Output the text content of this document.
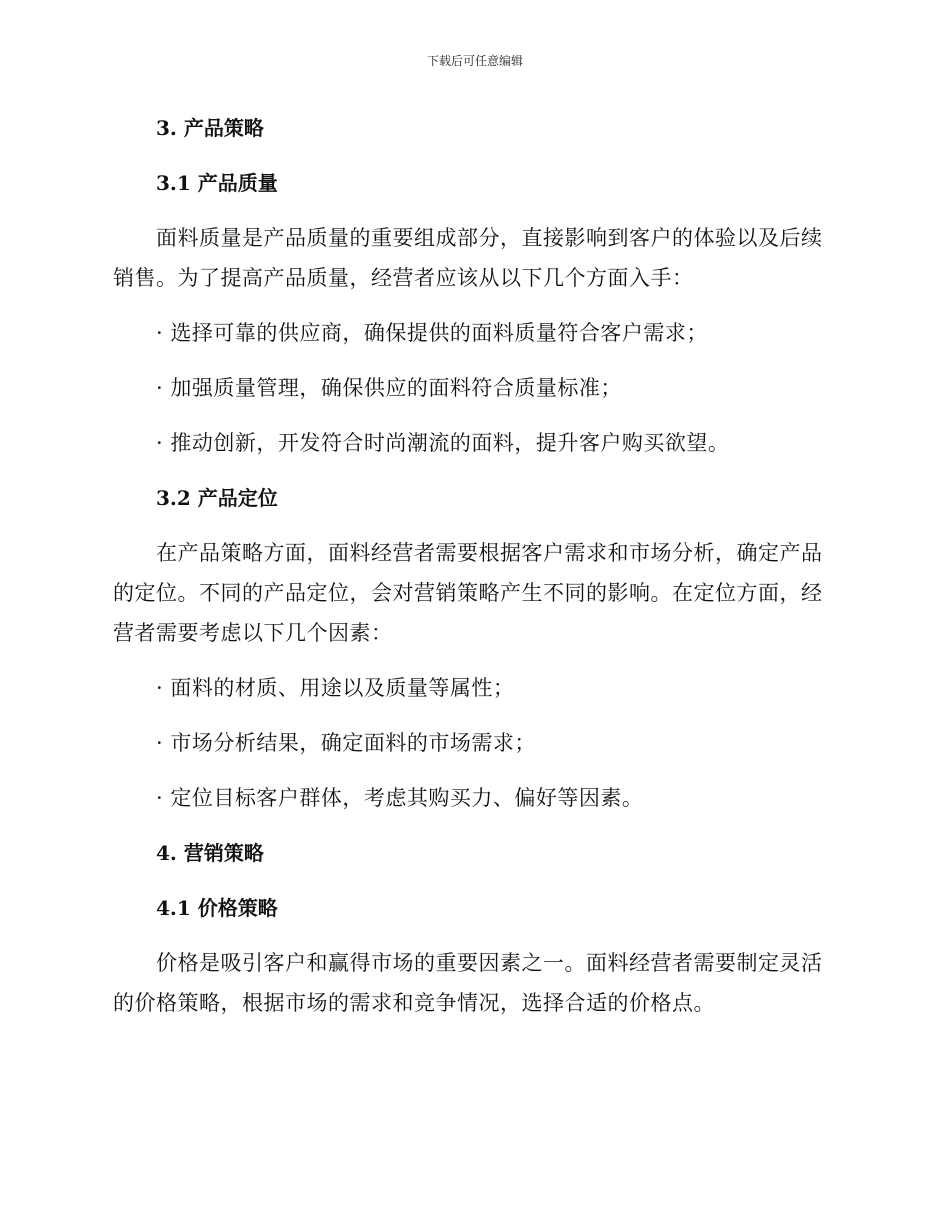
下载后可任意编辑
3. 产品策略
3.1 产品质量
面料质量是产品质量的重要组成部分，直接影响到客户的体验以及后续
销售。为了提高产品质量，经营者应该从以下几个方面入手：
· 选择可靠的供应商，确保提供的面料质量符合客户需求；
· 加强质量管理，确保供应的面料符合质量标准；
· 推动创新，开发符合时尚潮流的面料，提升客户购买欲望。
3.2 产品定位
在产品策略方面，面料经营者需要根据客户需求和市场分析，确定产品
的定位。不同的产品定位，会对营销策略产生不同的影响。在定位方面，经
营者需要考虑以下几个因素：
· 面料的材质、用途以及质量等属性；
· 市场分析结果，确定面料的市场需求；
· 定位目标客户群体，考虑其购买力、偏好等因素。
4. 营销策略
4.1 价格策略
价格是吸引客户和赢得市场的重要因素之一。面料经营者需要制定灵活
的价格策略，根据市场的需求和竞争情况，选择合适的价格点。
